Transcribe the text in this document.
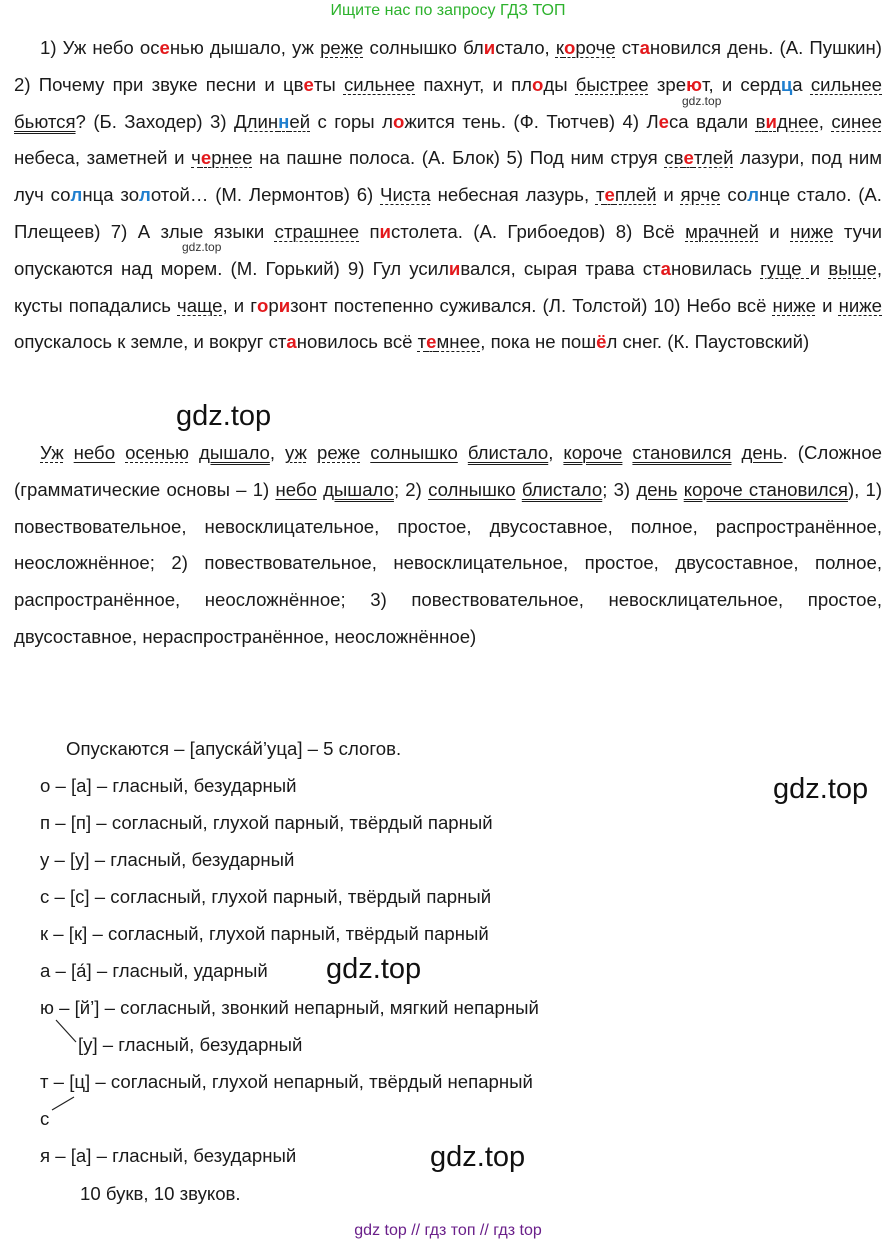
Ищите нас по запросу ГДЗ ТОП
1) Уж небо осенью дышало, уж реже солнышко блистало, короче становился день. (А. Пушкин) 2) Почему при звуке песни и цветы сильнее пахнут, и плоды быстрее зреют, и сердца сильнее бьются? (Б. Заходер) 3) Длинней с горы ложится тень. (Ф. Тютчев) 4) Леса вдали виднее, синее небеса, заметней и чернее на пашне полоса. (А. Блок) 5) Под ним струя светлей лазури, под ним луч солнца золотой… (М. Лермонтов) 6) Чиста небесная лазурь, теплей и ярче солнце стало. (А. Плещеев) 7) А злые языки страшнее пистолета. (А. Грибоедов) 8) Всё мрачней и ниже тучи опускаются над морем. (М. Горький) 9) Гул усиливался, сырая трава становилась гуще и выше, кусты попадались чаще, и горизонт постепенно суживался. (Л. Толстой) 10) Небо всё ниже и ниже опускалось к земле, и вокруг становилось всё темнее, пока не пошёл снег. (К. Паустовский)
Уж небо осенью дышало, уж реже солнышко блистало, короче становился день. (Сложное (грамматические основы – 1) небо дышало; 2) солнышко блистало; 3) день короче становился), 1) повествовательное, невосклицательное, простое, двусоставное, полное, распространённое, неосложнённое; 2) повествовательное, невосклицательное, простое, двусоставное, полное, распространённое, неосложнённое; 3) повествовательное, невосклицательное, простое, двусоставное, нераспространённое, неосложнённое)
gdz.top
gdz.top
gdz.top
gdz.top
gdz.top
gdz.top
Опускаются – [апуска́й’уца] – 5 слогов.
о – [а] – гласный, безударный
п – [п] – согласный, глухой парный, твёрдый парный
у – [у] – гласный, безударный
с – [с] – согласный, глухой парный, твёрдый парный
к – [к] – согласный, глухой парный, твёрдый парный
а – [а́] – гласный, ударный
ю – [й’] – согласный, звонкий непарный, мягкий непарный
[у] – гласный, безударный
т – [ц] – согласный, глухой непарный, твёрдый непарный
с
я – [а] – гласный, безударный
10 букв, 10 звуков.
gdz top // гдз топ // гдз top
